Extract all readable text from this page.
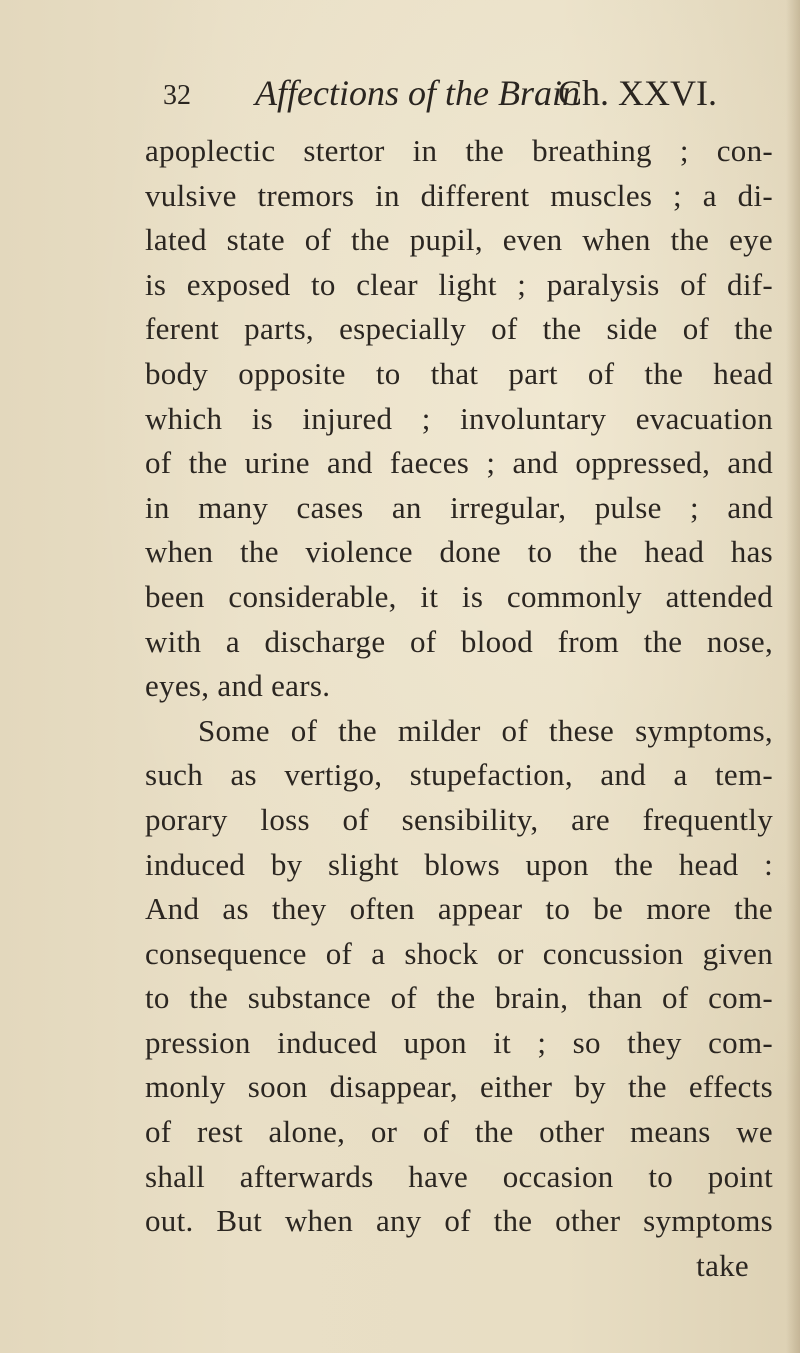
32 Affections of the Brain
Ch. XXVI.
apoplectic stertor in the breathing ; con-
vulsive tremors in different muscles ; a di-
lated state of the pupil, even when the eye
is exposed to clear light ; paralysis of dif-
ferent parts, especially of the side of the
body opposite to that part of the head
which is injured ; involuntary evacuation
of the urine and faeces ; and oppressed, and
in many cases an irregular, pulse ; and
when the violence done to the head has
been considerable, it is commonly attended
with a discharge of blood from the nose,
eyes, and ears.
Some of the milder of these symptoms,
such as vertigo, stupefaction, and a tem-
porary loss of sensibility, are frequently
induced by slight blows upon the head :
And as they often appear to be more the
consequence of a shock or concussion given
to the substance of the brain, than of com-
pression induced upon it ; so they com-
monly soon disappear, either by the effects
of rest alone, or of the other means we
shall afterwards have occasion to point
out. But when any of the other symptoms
take
